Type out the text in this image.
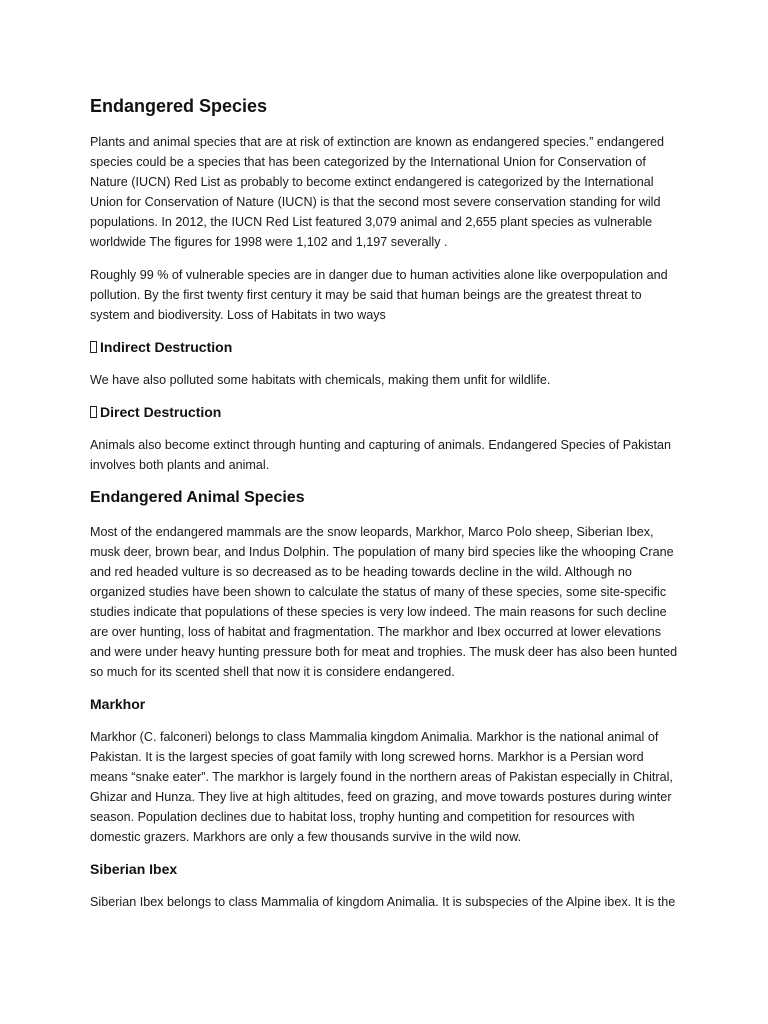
Endangered Species

Plants and animal species that are at risk of extinction are known as endangered species.” endangered species could be a species that has been categorized by the International Union for Conservation of Nature (IUCN) Red List as probably to become extinct endangered is categorized by the International Union for Conservation of Nature (IUCN) is that the second most severe conservation standing for wild populations. In 2012, the IUCN Red List featured 3,079 animal and 2,655 plant species as vulnerable worldwide The figures for 1998 were 1,102 and 1,197 severally .

Roughly 99 % of vulnerable species are in danger due to human activities alone like overpopulation and pollution. By the first twenty first century it may be said that human beings are the greatest threat to system and biodiversity. Loss of Habitats in two ways

Indirect Destruction

We have also polluted some habitats with chemicals, making them unfit for wildlife.

Direct Destruction

Animals also become extinct through hunting and capturing of animals. Endangered Species of Pakistan involves both plants and animal.

Endangered Animal Species

Most of the endangered mammals are the snow leopards, Markhor, Marco Polo sheep, Siberian Ibex, musk deer, brown bear, and Indus Dolphin. The population of many bird species like the whooping Crane and red headed vulture is so decreased as to be heading towards decline in the wild. Although no organized studies have been shown to calculate the status of many of these species, some site-specific studies indicate that populations of these species is very low indeed. The main reasons for such decline are over hunting, loss of habitat and fragmentation. The markhor and Ibex occurred at lower elevations and were under heavy hunting pressure both for meat and trophies. The musk deer has also been hunted so much for its scented shell that now it is considere endangered.

Markhor

Markhor (C. falconeri) belongs to class Mammalia kingdom Animalia. Markhor is the national animal of Pakistan. It is the largest species of goat family with long screwed horns. Markhor is a Persian word means “snake eater”. The markhor is largely found in the northern areas of Pakistan especially in Chitral, Ghizar and Hunza. They live at high altitudes, feed on grazing, and move towards postures during winter season. Population declines due to habitat loss, trophy hunting and competition for resources with domestic grazers. Markhors are only a few thousands survive in the wild now.

Siberian Ibex

Siberian Ibex belongs to class Mammalia of kingdom Animalia. It is subspecies of the Alpine ibex. It is the
